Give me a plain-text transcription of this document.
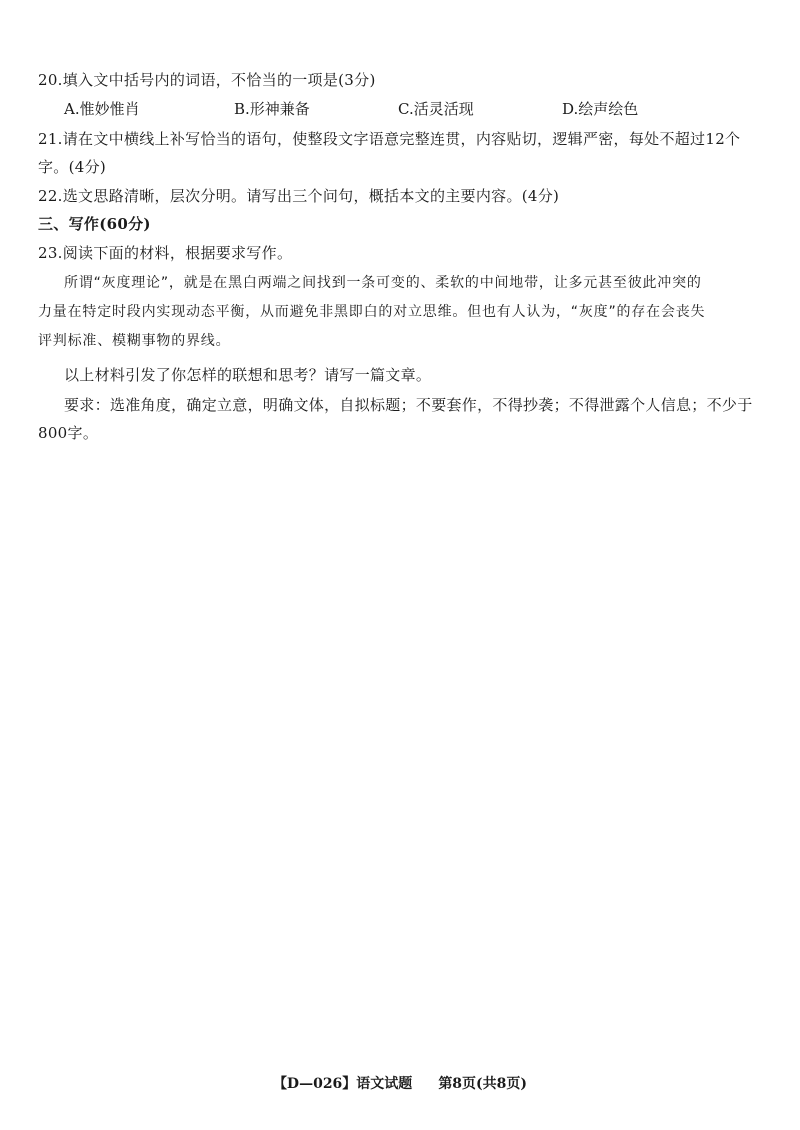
20.填入文中括号内的词语，不恰当的一项是(3分)
A.惟妙惟肖	B.形神兼备	C.活灵活现	D.绘声绘色
21.请在文中横线上补写恰当的语句，使整段文字语意完整连贯，内容贴切，逻辑严密，每处不超过12个
字。(4分)
22.选文思路清晰，层次分明。请写出三个问句，概括本文的主要内容。(4分)
三、写作(60分)
23.阅读下面的材料，根据要求写作。
所谓“灰度理论”，就是在黑白两端之间找到一条可变的、柔软的中间地带，让多元甚至彼此冲突的
力量在特定时段内实现动态平衡，从而避免非黑即白的对立思维。但也有人认为，“灰度”的存在会丧失
评判标准、模糊事物的界线。
以上材料引发了你怎样的联想和思考？请写一篇文章。
要求：选准角度，确定立意，明确文体，自拟标题；不要套作，不得抄袭；不得泄露个人信息；不少于
800字。
【D—026】语文试题 第8页(共8页)
